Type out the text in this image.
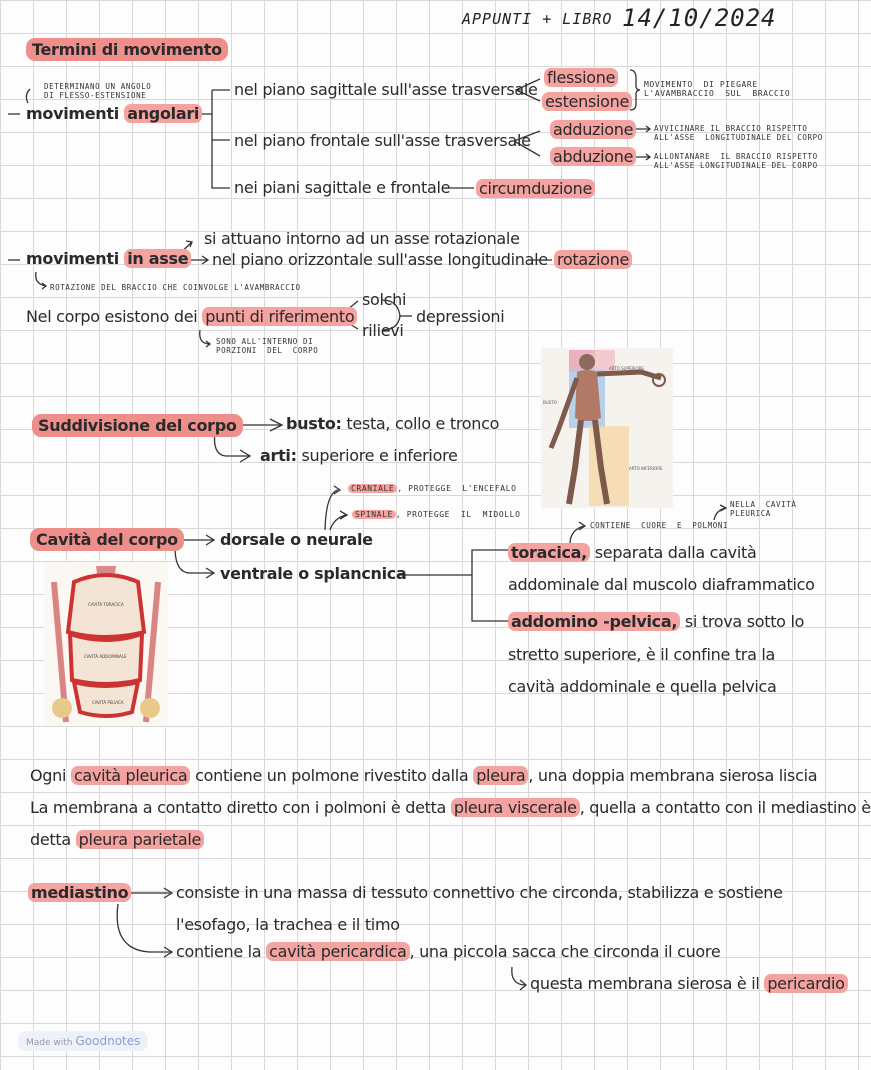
APPUNTI + LIBRO 14/10/2024
Termini di movimento
DETERMINANO UN ANGOLO
DI FLESSO-ESTENSIONE
movimenti angolari
nel piano sagittale sull'asse trasversale
flessione
estensione
MOVIMENTO  DI PIEGARE
L'AVAMBRACCIO  SUL  BRACCIO
nel piano frontale sull'asse trasversale
adduzione	AVVICINARE IL BRACCIO RISPETTO
ALL'ASSE  LONGITUDINALE DEL CORPO
abduzione	ALLONTANARE  IL BRACCIO RISPETTO
ALL'ASSE LONGITUDINALE DEL CORPO
nei piani sagittale e frontale circumduzione
si attuano intorno ad un asse rotazionale
movimenti in asse nel piano orizzontale sull'asse longitudinale rotazione
ROTAZIONE DEL BRACCIO CHE COINVOLGE L'AVAMBRACCIO
Nel corpo esistono dei punti di riferimento
solchi
rilievi
depressioni
SONO ALL'INTERNO DI
PORZIONI  DEL  CORPO
ARTO SUPERIORE
BUSTO
ARTO INFERIORE
Suddivisione del corpo	busto: testa, collo e tronco
arti: superiore e inferiore
CRANIALE , PROTEGGE  L'ENCEFALO
SPINALE , PROTEGGE  IL  MIDOLLO
CONTIENE  CUORE  E  POLMONI
NELLA  CAVITÀ
PLEURICA
Cavità del corpo	dorsale o neurale
ventrale o splancnica
toracica, separata dalla cavità
addominale dal muscolo diaframmatico
addomino -pelvica, si trova sotto lo
stretto superiore, è il confine tra la
cavità addominale e quella pelvica
CAVITÀ TORACICA
CAVITÀ ADDOMINALE
CAVITÀ PELVICA
Ogni cavità pleurica contiene un polmone rivestito dalla pleura , una doppia membrana sierosa liscia
La membrana a contatto diretto con i polmoni è detta pleura viscerale , quella a contatto con il mediastino è
detta pleura parietale
mediastino	consiste in una massa di tessuto connettivo che circonda, stabilizza e sostiene
l'esofago, la trachea e il timo
contiene la cavità pericardica , una piccola sacca che circonda il cuore
questa membrana sierosa è il pericardio
Made with Goodnotes
